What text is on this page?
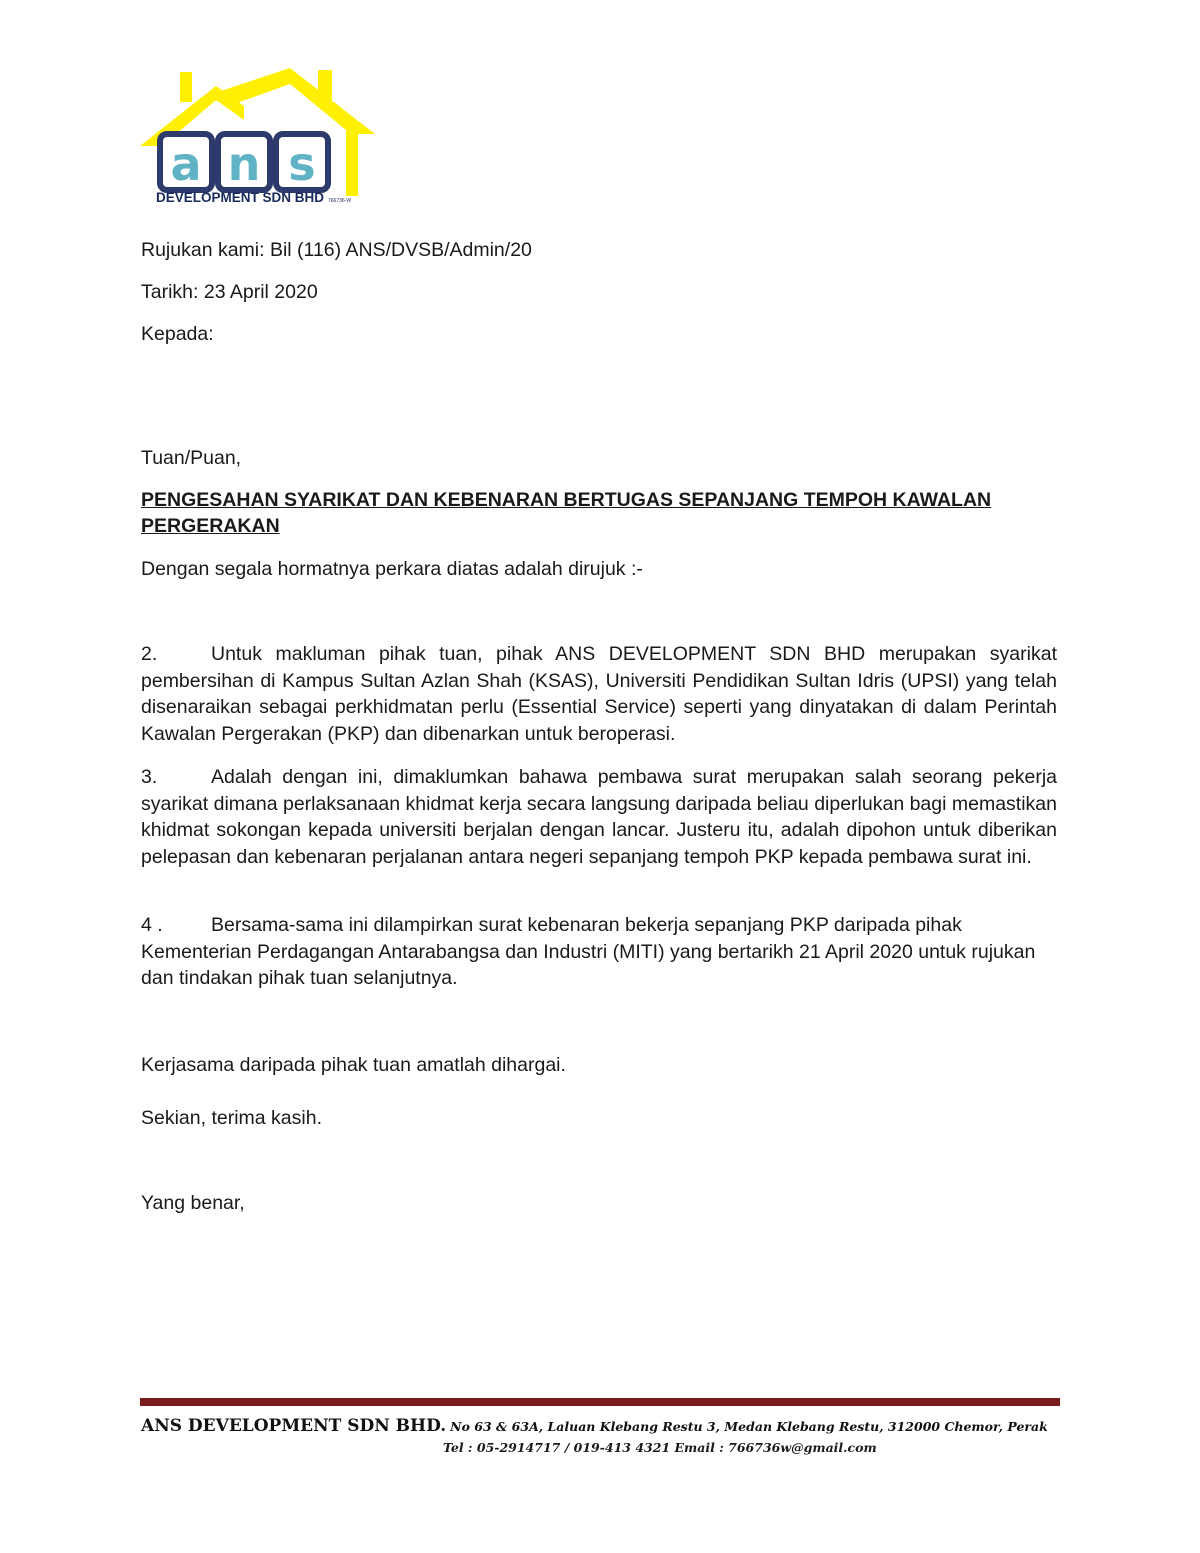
a n s
DEVELOPMENT SDN BHD 766736-W
Rujukan kami: Bil (116) ANS/DVSB/Admin/20
Tarikh: 23 April 2020
Kepada:
Tuan/Puan,
PENGESAHAN SYARIKAT DAN KEBENARAN BERTUGAS SEPANJANG TEMPOH KAWALAN PERGERAKAN
Dengan segala hormatnya perkara diatas adalah dirujuk :-
2.	Untuk makluman pihak tuan, pihak ANS DEVELOPMENT SDN BHD merupakan syarikat pembersihan di Kampus Sultan Azlan Shah (KSAS), Universiti Pendidikan Sultan Idris (UPSI) yang telah disenaraikan sebagai perkhidmatan perlu (Essential Service) seperti yang dinyatakan di dalam Perintah Kawalan Pergerakan (PKP) dan dibenarkan untuk beroperasi.
3.	Adalah dengan ini, dimaklumkan bahawa pembawa surat merupakan salah seorang pekerja syarikat dimana perlaksanaan khidmat kerja secara langsung daripada beliau diperlukan bagi memastikan khidmat sokongan kepada universiti berjalan dengan lancar. Justeru itu, adalah dipohon untuk diberikan pelepasan dan kebenaran perjalanan antara negeri sepanjang tempoh PKP kepada pembawa surat ini.
4 . Bersama-sama ini dilampirkan surat kebenaran bekerja sepanjang PKP daripada pihak Kementerian Perdagangan Antarabangsa dan Industri (MITI) yang bertarikh 21 April 2020 untuk rujukan dan tindakan pihak tuan selanjutnya.
Kerjasama daripada pihak tuan amatlah dihargai.
Sekian, terima kasih.
Yang benar,
ANS DEVELOPMENT SDN BHD. No 63 & 63A, Laluan Klebang Restu 3, Medan Klebang Restu, 312000 Chemor, Perak
Tel : 05-2914717 / 019-413 4321 Email : 766736w@gmail.com
